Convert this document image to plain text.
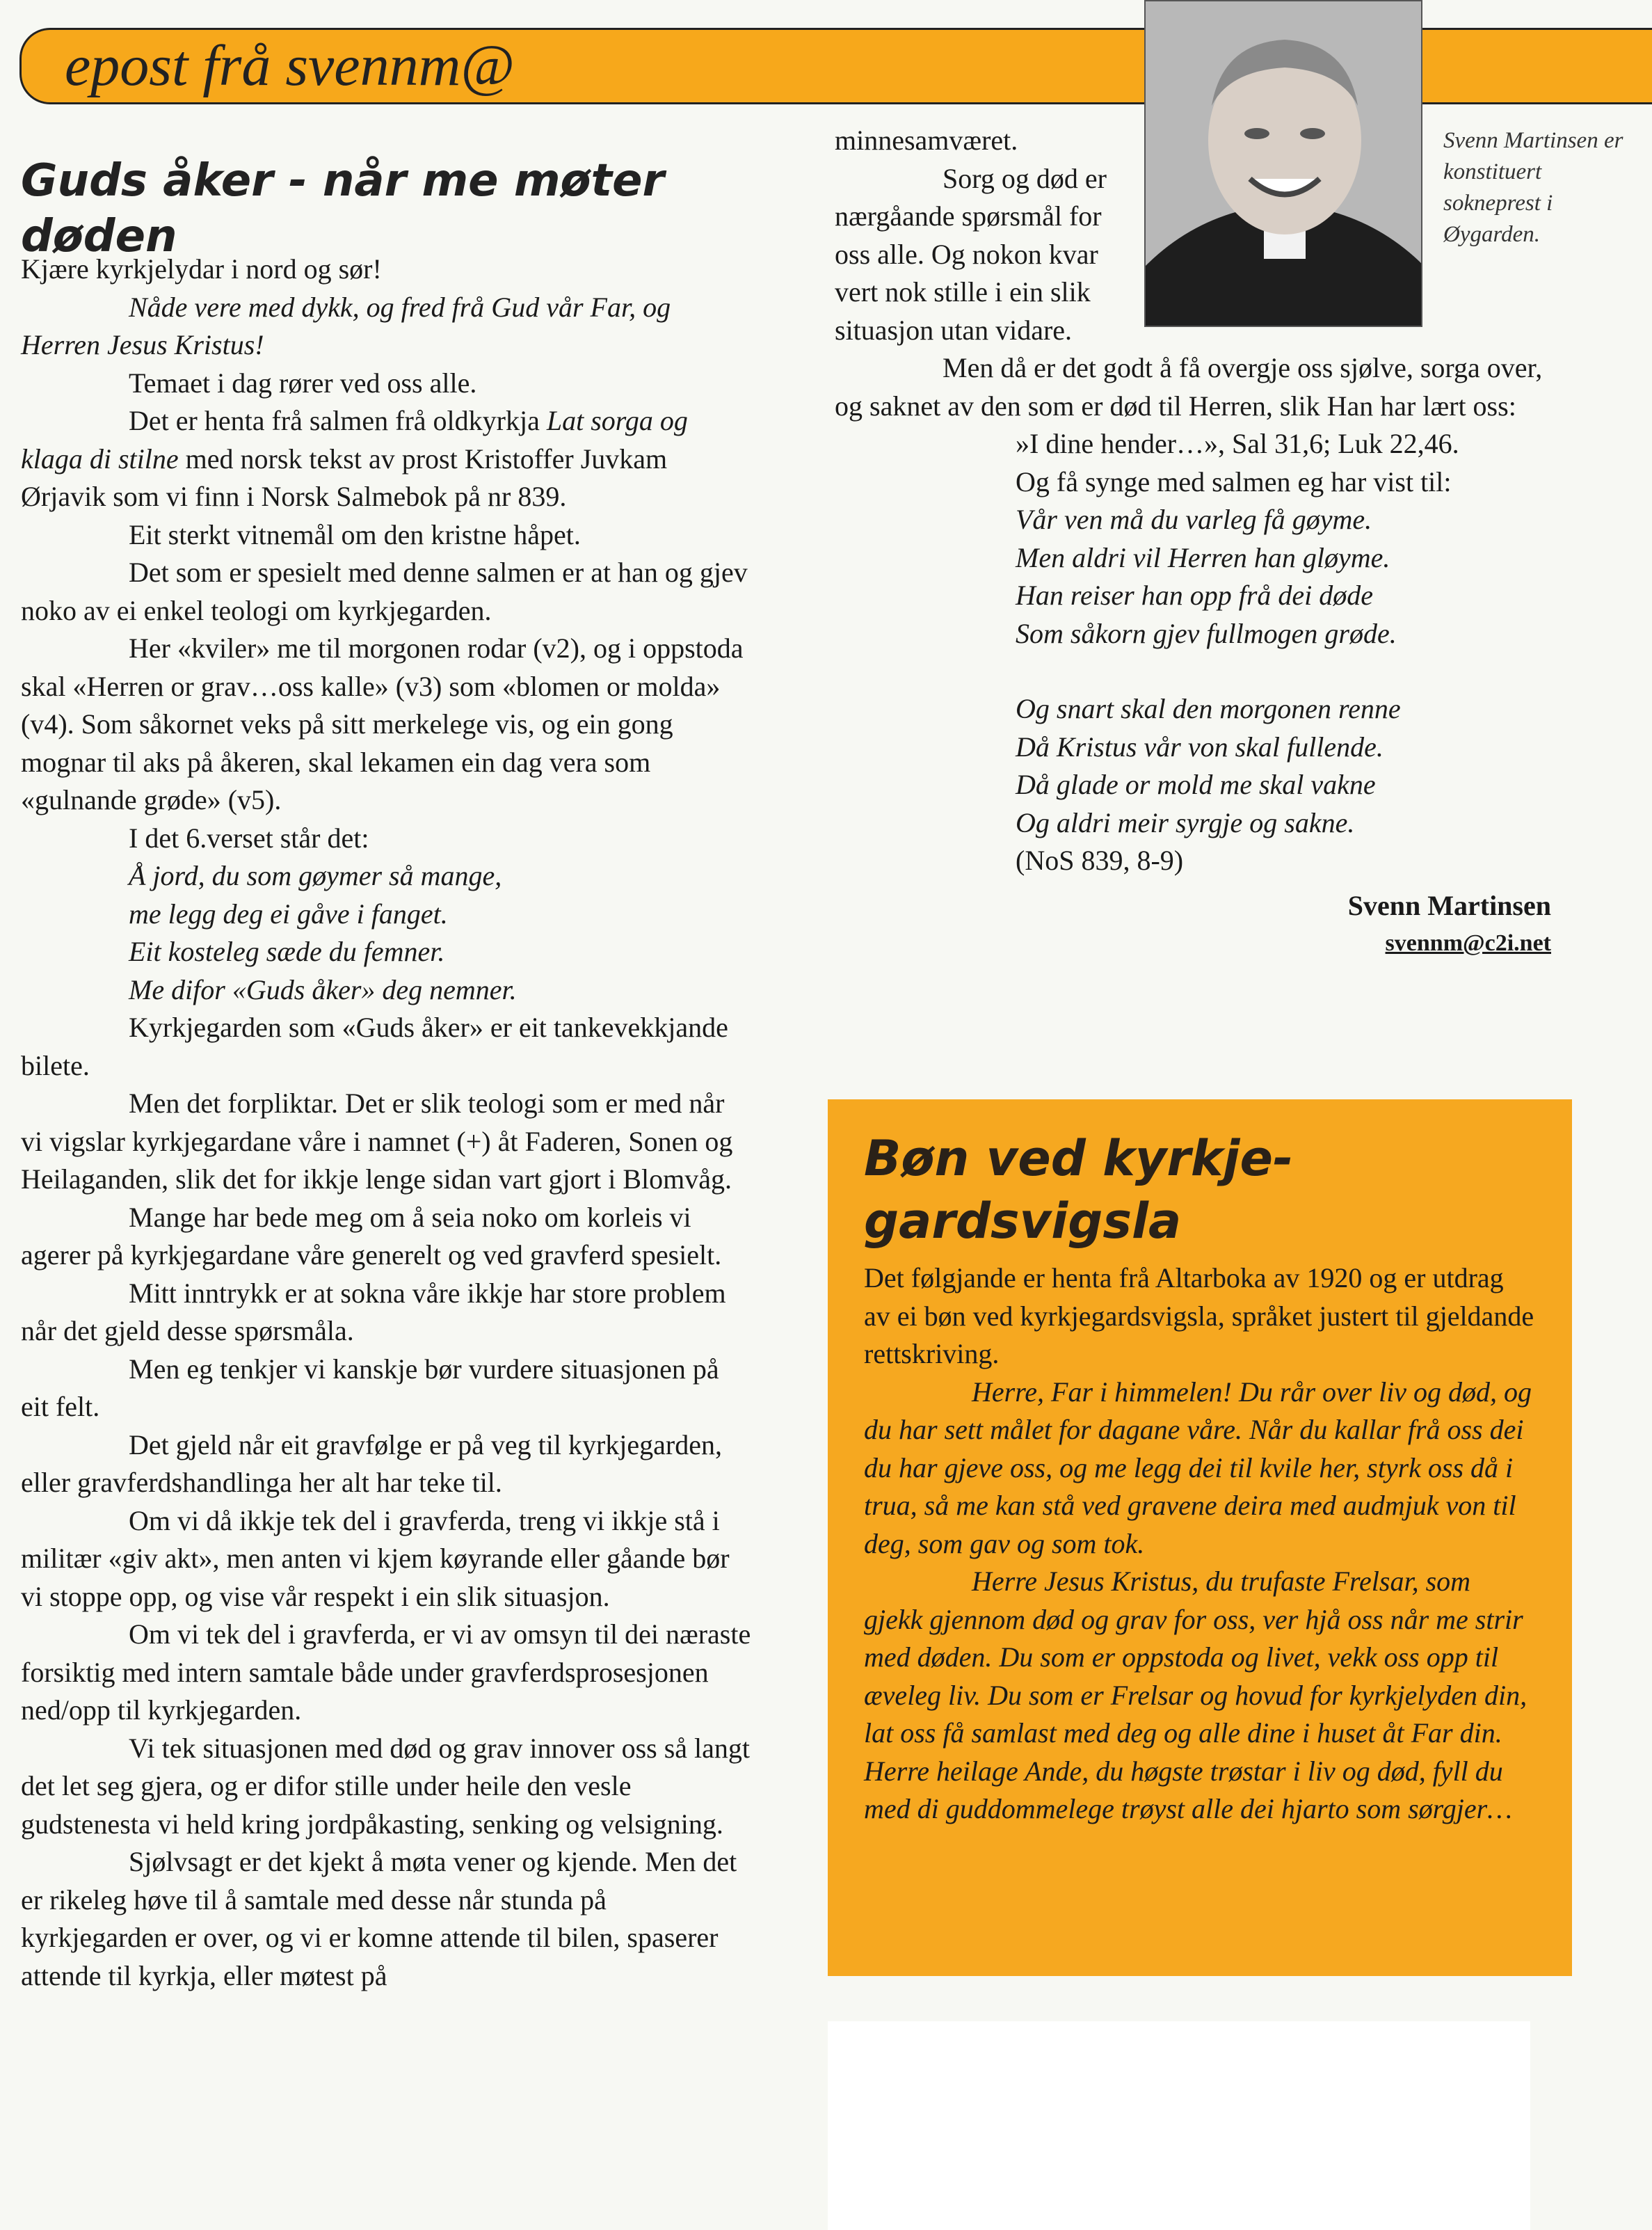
epost frå svennm@
Svenn Martinsen er konstituert sokneprest i Øygarden.
Guds åker - når me møter døden

Kjære kyrkjelydar i nord og sør!

Nåde vere med dykk, og fred frå Gud vår Far, og Herren Jesus Kristus!

Temaet i dag rører ved oss alle.

Det er henta frå salmen frå oldkyrkja Lat sorga og klaga di stilne med norsk tekst av prost Kristoffer Juvkam Ørjavik som vi finn i Norsk Salmebok på nr 839.

Eit sterkt vitnemål om den kristne håpet.

Det som er spesielt med denne salmen er at han og gjev noko av ei enkel teologi om kyrkjegarden.

Her «kviler» me til morgonen rodar (v2), og i oppstoda skal «Herren or grav…oss kalle» (v3) som «blomen or molda» (v4). Som såkornet veks på sitt merkelege vis, og ein gong mognar til aks på åkeren, skal lekamen ein dag vera som «gulnande grøde» (v5).

I det 6.verset står det:

Å jord, du som gøymer så mange,

me legg deg ei gåve i fanget.

Eit kosteleg sæde du femner.

Me difor «Guds åker» deg nemner.

Kyrkjegarden som «Guds åker» er eit tankevekkjande bilete.

Men det forpliktar. Det er slik teologi som er med når vi vigslar kyrkjegardane våre i namnet (+) åt Faderen, Sonen og Heilaganden, slik det for ikkje lenge sidan vart gjort i Blomvåg.

Mange har bede meg om å seia noko om korleis vi agerer på kyrkjegardane våre generelt og ved gravferd spesielt.

Mitt inntrykk er at sokna våre ikkje har store problem når det gjeld desse spørsmåla.

Men eg tenkjer vi kanskje bør vurdere situasjonen på eit felt.

Det gjeld når eit gravfølge er på veg til kyrkjegarden, eller gravferdshandlinga her alt har teke til.

Om vi då ikkje tek del i gravferda, treng vi ikkje stå i militær «giv akt», men anten vi kjem køyrande eller gåande bør vi stoppe opp, og vise vår respekt i ein slik situasjon.

Om vi tek del i gravferda, er vi av omsyn til dei næraste forsiktig med intern samtale både under gravferdsprosesjonen ned/opp til kyrkjegarden.

Vi tek situasjonen med død og grav innover oss så langt det let seg gjera, og er difor stille under heile den vesle gudstenesta vi held kring jordpåkasting, senking og velsigning.

Sjølvsagt er det kjekt å møta vener og kjende. Men det er rikeleg høve til å samtale med desse når stunda på kyrkjegarden er over, og vi er komne attende til bilen, spaserer attende til kyrkja, eller møtest på

minnesamværet.

Sorg og død er nærgåande spørsmål for oss alle. Og nokon kvar vert nok stille i ein slik situasjon utan vidare.

Men då er det godt å få overgje oss sjølve, sorga over, og saknet av den som er død til Herren, slik Han har lært oss:

»I dine hender…», Sal 31,6; Luk 22,46.

Og få synge med salmen eg har vist til:

Vår ven må du varleg få gøyme.

Men aldri vil Herren han gløyme.

Han reiser han opp frå dei døde

Som såkorn gjev fullmogen grøde.

Og snart skal den morgonen renne

Då Kristus vår von skal fullende.

Då glade or mold me skal vakne

Og aldri meir syrgje og sakne.

(NoS 839, 8-9)

Svenn Martinsen

svennm@c2i.net

Bøn ved kyrkje-gardsvigsla

Det følgjande er henta frå Altarboka av 1920 og er utdrag av ei bøn ved kyrkjegardsvigsla, språket justert til gjeldande rettskriving.

Herre, Far i himmelen! Du rår over liv og død, og du har sett målet for dagane våre. Når du kallar frå oss dei du har gjeve oss, og me legg dei til kvile her, styrk oss då i trua, så me kan stå ved gravene deira med audmjuk von til deg, som gav og som tok.

Herre Jesus Kristus, du trufaste Frelsar, som gjekk gjennom død og grav for oss, ver hjå oss når me strir med døden. Du som er oppstoda og livet, vekk oss opp til æveleg liv. Du som er Frelsar og hovud for kyrkjelyden din, lat oss få samlast med deg og alle dine i huset åt Far din.

Herre heilage Ande, du høgste trøstar i liv og død, fyll du med di guddommelege trøyst alle dei hjarto som sørgjer…
